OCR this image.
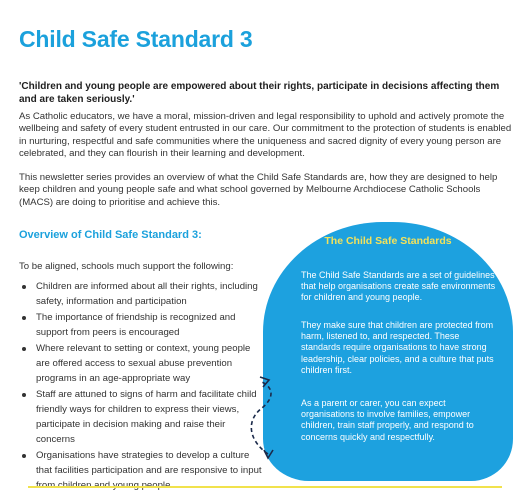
Child Safe Standard 3
'Children and young people are empowered about their rights, participate in decisions affecting them and are taken seriously.'
As Catholic educators, we have a moral, mission-driven and legal responsibility to uphold and actively promote the wellbeing and safety of every student entrusted in our care. Our commitment to the protection of students is enabled in nurturing, respectful and safe communities where the uniqueness and sacred dignity of every young person are celebrated, and they can flourish in their learning and development.
This newsletter series provides an overview of what the Child Safe Standards are, how they are designed to help keep children and young people safe and what school governed by Melbourne Archdiocese Catholic Schools (MACS) are doing to prioritise and achieve this.
Overview of Child Safe Standard 3:
To be aligned, schools much support the following:
Children are informed about all their rights, including safety, information and participation
The importance of friendship is recognized and support from peers is encouraged
Where relevant to setting or context, young people are offered access to sexual abuse prevention programs in an age-appropriate way
Staff are attuned to signs of harm and facilitate child friendly ways for children to express their views, participate in decision making and raise their concerns
Organisations have strategies to develop a culture that facilities participation and are responsive to input
The Child Safe Standards
The Child Safe Standards are a set of guidelines that help organisations create safe environments for children and young people.
They make sure that children are protected from harm, listened to, and respected. These standards require organisations to have strong leadership, clear policies, and a culture that puts children first.
As a parent or carer, you can expect organisations to involve families, empower children, train staff properly, and respond to concerns quickly and respectfully.
